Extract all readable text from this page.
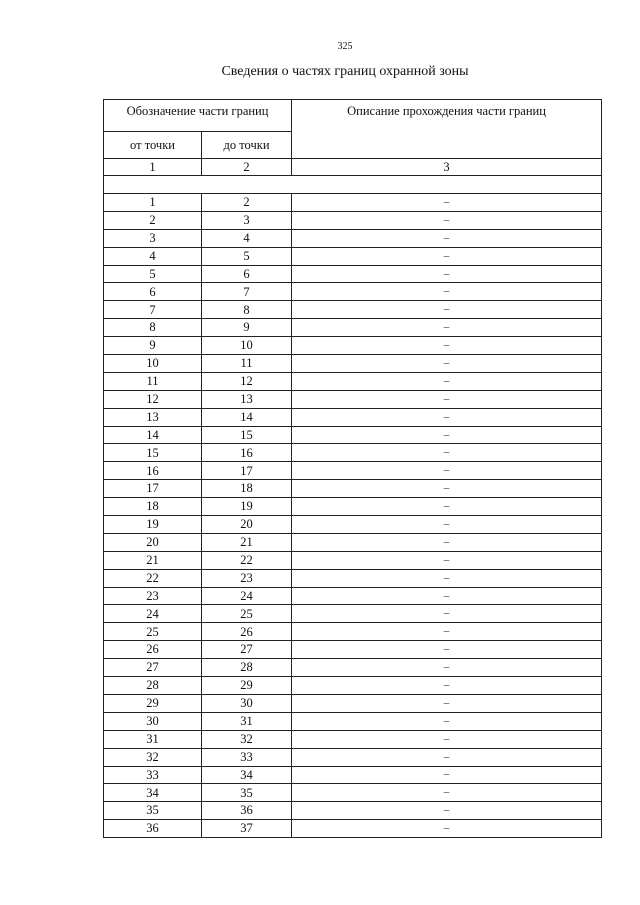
325
Сведения о частях границ охранной зоны
Обозначение части границ		Описание прохождения части границ
от точки	до точки	
1	2	3

1	2	–
2	3	–
3	4	–
4	5	–
5	6	–
6	7	–
7	8	–
8	9	–
9	10	–
10	11	–
11	12	–
12	13	–
13	14	–
14	15	–
15	16	–
16	17	–
17	18	–
18	19	–
19	20	–
20	21	–
21	22	–
22	23	–
23	24	–
24	25	–
25	26	–
26	27	–
27	28	–
28	29	–
29	30	–
30	31	–
31	32	–
32	33	–
33	34	–
34	35	–
35	36	–
36	37	–
